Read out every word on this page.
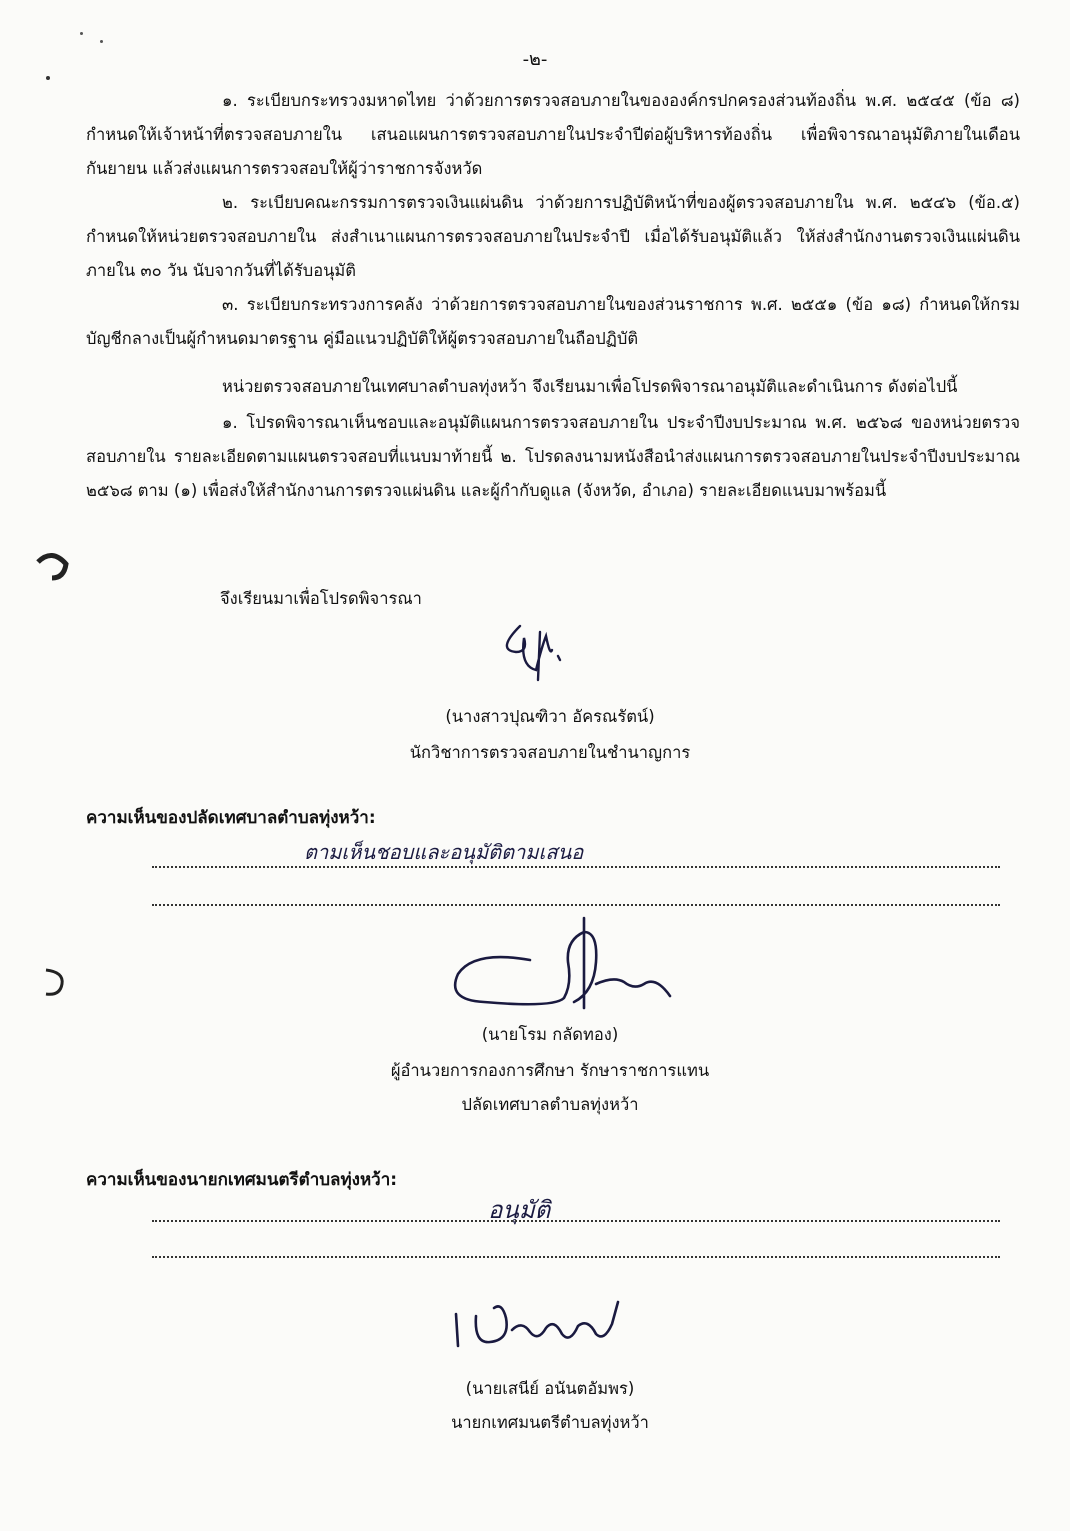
-๒-

๑. ระเบียบกระทรวงมหาดไทย ว่าด้วยการตรวจสอบภายในขององค์กรปกครองส่วนท้องถิ่น พ.ศ. ๒๕๔๕ (ข้อ ๘) กำหนดให้เจ้าหน้าที่ตรวจสอบภายใน เสนอแผนการตรวจสอบภายในประจำปีต่อผู้บริหารท้องถิ่น เพื่อพิจารณาอนุมัติภายในเดือน กันยายน แล้วส่งแผนการตรวจสอบให้ผู้ว่าราชการจังหวัด

๒. ระเบียบคณะกรรมการตรวจเงินแผ่นดิน ว่าด้วยการปฏิบัติหน้าที่ของผู้ตรวจสอบภายใน พ.ศ. ๒๕๔๖ (ข้อ.๕) กำหนดให้หน่วยตรวจสอบภายใน ส่งสำเนาแผนการตรวจสอบภายในประจำปี เมื่อได้รับอนุมัติแล้ว ให้ส่งสำนักงานตรวจเงินแผ่นดินภายใน ๓๐ วัน นับจากวันที่ได้รับอนุมัติ

๓. ระเบียบกระทรวงการคลัง ว่าด้วยการตรวจสอบภายในของส่วนราชการ พ.ศ. ๒๕๕๑ (ข้อ ๑๘) กำหนดให้กรมบัญชีกลางเป็นผู้กำหนดมาตรฐาน คู่มือแนวปฏิบัติให้ผู้ตรวจสอบภายในถือปฏิบัติ

หน่วยตรวจสอบภายในเทศบาลตำบลทุ่งหว้า จึงเรียนมาเพื่อโปรดพิจารณาอนุมัติและดำเนินการ ดังต่อไปนี้

๑. โปรดพิจารณาเห็นชอบและอนุมัติแผนการตรวจสอบภายใน ประจำปีงบประมาณ พ.ศ. ๒๕๖๘ ของหน่วยตรวจสอบภายใน รายละเอียดตามแผนตรวจสอบที่แนบมาท้ายนี้ ๒. โปรดลงนามหนังสือนำส่งแผนการตรวจสอบภายในประจำปีงบประมาณ ๒๕๖๘ ตาม (๑) เพื่อส่งให้สำนักงานการตรวจแผ่นดิน และผู้กำกับดูแล (จังหวัด, อำเภอ) รายละเอียดแนบมาพร้อมนี้

จึงเรียนมาเพื่อโปรดพิจารณา
(นางสาวปุณฑิวา อัครณรัตน์)
นักวิชาการตรวจสอบภายในชำนาญการ
ความเห็นของปลัดเทศบาลตำบลทุ่งหว้า:
ตามเห็นชอบและอนุมัติตามเสนอ
(นายโรม กลัดทอง)
ผู้อำนวยการกองการศึกษา รักษาราชการแทน
ปลัดเทศบาลตำบลทุ่งหว้า
ความเห็นของนายกเทศมนตรีตำบลทุ่งหว้า:
อนุมัติ
(นายเสนีย์ อนันตอัมพร)
นายกเทศมนตรีตำบลทุ่งหว้า
